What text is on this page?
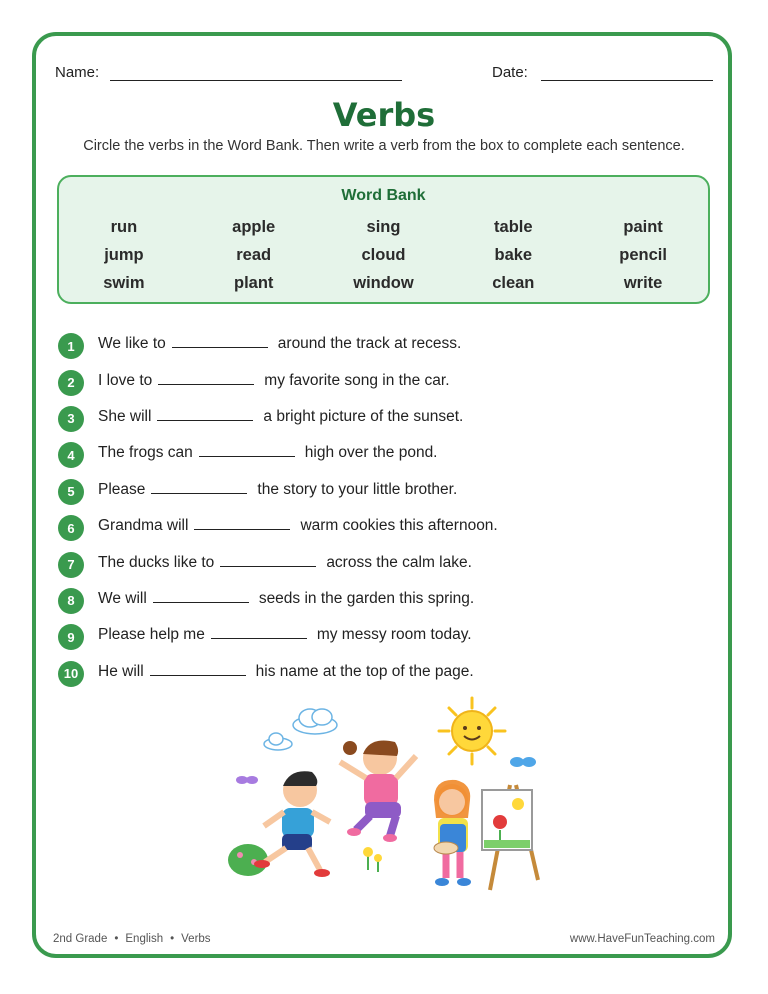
Name:	Date:
Verbs
Circle the verbs in the Word Bank. Then write a verb from the box to complete each sentence.
Word Bank
run	apple	sing	table	paint
jump	read	cloud	bake	pencil
swim	plant	window	clean	write
1	We like to	around the track at recess.
2	I love to	my favorite song in the car.
3	She will	a bright picture of the sunset.
4	The frogs can	high over the pond.
5	Please	the story to your little brother.
6	Grandma will	warm cookies this afternoon.
7	The ducks like to	across the calm lake.
8	We will	seeds in the garden this spring.
9	Please help me	my messy room today.
10	He will	his name at the top of the page.
2nd Grade • English • Verbs	www.HaveFunTeaching.com
